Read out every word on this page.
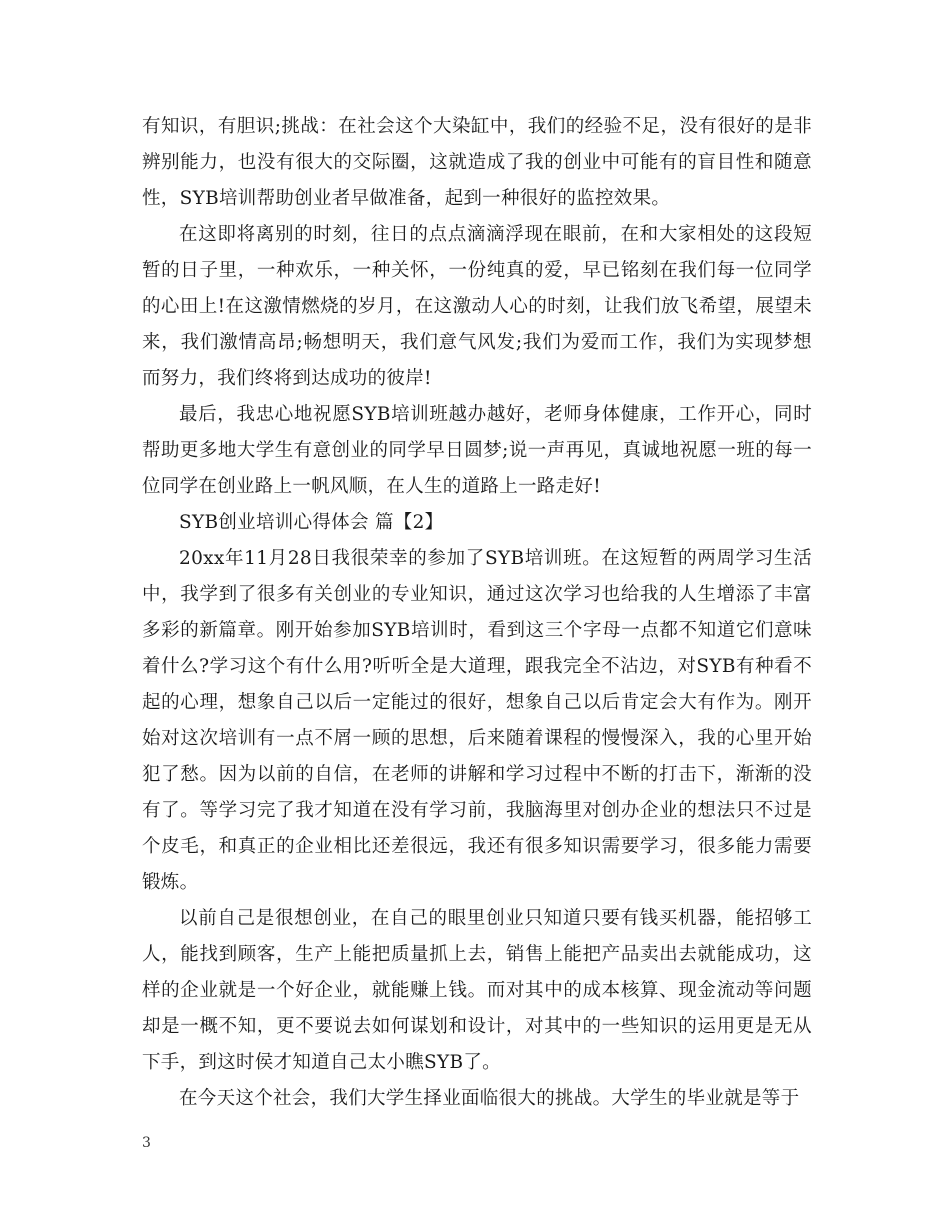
有知识，有胆识;挑战：在社会这个大染缸中，我们的经验不足，没有很好的是非辨别能力，也没有很大的交际圈，这就造成了我的创业中可能有的盲目性和随意性，SYB培训帮助创业者早做准备，起到一种很好的监控效果。

在这即将离别的时刻，往日的点点滴滴浮现在眼前，在和大家相处的这段短暂的日子里，一种欢乐，一种关怀，一份纯真的爱，早已铭刻在我们每一位同学的心田上!在这激情燃烧的岁月，在这激动人心的时刻，让我们放飞希望，展望未来，我们激情高昂;畅想明天，我们意气风发;我们为爱而工作，我们为实现梦想而努力，我们终将到达成功的彼岸!

最后，我忠心地祝愿SYB培训班越办越好，老师身体健康，工作开心，同时帮助更多地大学生有意创业的同学早日圆梦;说一声再见，真诚地祝愿一班的每一位同学在创业路上一帆风顺，在人生的道路上一路走好!

SYB创业培训心得体会 篇【2】

20xx年11月28日我很荣幸的参加了SYB培训班。在这短暂的两周学习生活中，我学到了很多有关创业的专业知识，通过这次学习也给我的人生增添了丰富多彩的新篇章。刚开始参加SYB培训时，看到这三个字母一点都不知道它们意味着什么?学习这个有什么用?听听全是大道理，跟我完全不沾边，对SYB有种看不起的心理，想象自己以后一定能过的很好，想象自己以后肯定会大有作为。刚开始对这次培训有一点不屑一顾的思想，后来随着课程的慢慢深入，我的心里开始犯了愁。因为以前的自信，在老师的讲解和学习过程中不断的打击下，渐渐的没有了。等学习完了我才知道在没有学习前，我脑海里对创办企业的想法只不过是个皮毛，和真正的企业相比还差很远，我还有很多知识需要学习，很多能力需要锻炼。

以前自己是很想创业，在自己的眼里创业只知道只要有钱买机器，能招够工人，能找到顾客，生产上能把质量抓上去，销售上能把产品卖出去就能成功，这样的企业就是一个好企业，就能赚上钱。而对其中的成本核算、现金流动等问题却是一概不知，更不要说去如何谋划和设计，对其中的一些知识的运用更是无从下手，到这时侯才知道自己太小瞧SYB了。

在今天这个社会，我们大学生择业面临很大的挑战。大学生的毕业就是等于

3
